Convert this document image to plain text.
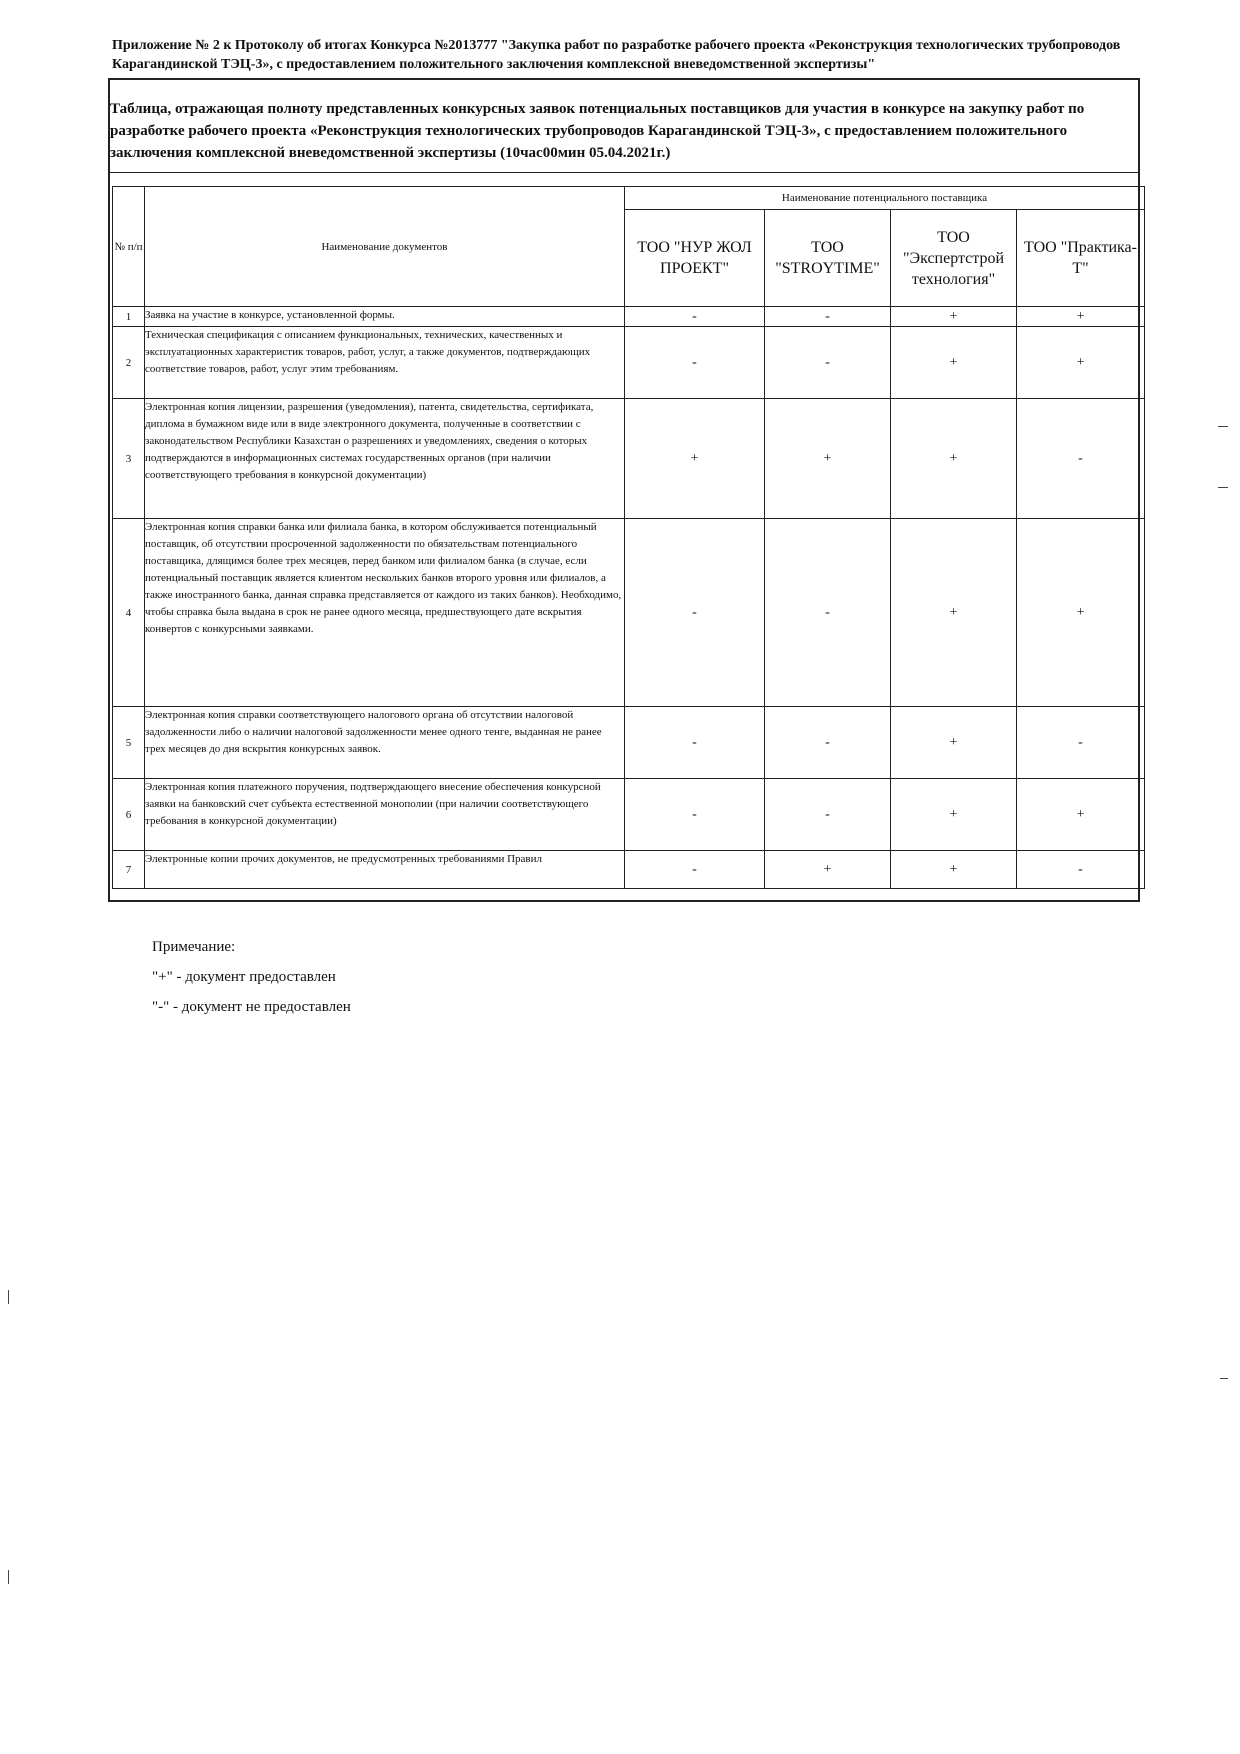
Приложение № 2 к Протоколу об итогах Конкурса №2013777 "Закупка работ по разработке рабочего проекта «Реконструкция технологических трубопроводов Карагандинской ТЭЦ-3», с предоставлением положительного заключения комплексной вневедомственной экспертизы"
Таблица, отражающая полноту представленных конкурсных заявок потенциальных поставщиков для участия в конкурсе на закупку работ по разработке рабочего проекта «Реконструкция технологических трубопроводов Карагандинской ТЭЦ-3», с предоставлением положительного заключения комплексной вневедомственной экспертизы (10час00мин 05.04.2021г.)
№ п/п	Наименование документов	Наименование потенциального поставщика			
		ТОО "НУР ЖОЛ ПРОЕКТ"	ТОО "STROYTIME"	ТОО "Экспертстрой технология"	ТОО "Практика-Т"
1	Заявка на участие в конкурсе, установленной формы.	-	-	+	+
2	Техническая спецификация с описанием функциональных, технических, качественных и эксплуатационных характеристик товаров, работ, услуг, а также документов, подтверждающих соответствие товаров, работ, услуг этим требованиям.	-	-	+	+
3	Электронная копия лицензии, разрешения (уведомления), патента, свидетельства, сертификата, диплома в бумажном виде или в виде электронного документа, полученные в соответствии с законодательством Республики Казахстан о разрешениях и уведомлениях, сведения о которых подтверждаются в информационных системах государственных органов (при наличии соответствующего требования в конкурсной документации)	+	+	+	-
4	Электронная копия справки банка или филиала банка, в котором обслуживается потенциальный поставщик, об отсутствии просроченной задолженности по обязательствам потенциального поставщика, длящимся более трех месяцев, перед банком или филиалом банка (в случае, если потенциальный поставщик является клиентом нескольких банков второго уровня или филиалов, а также иностранного банка, данная справка представляется от каждого из таких банков). Необходимо, чтобы справка была выдана в срок не ранее одного месяца, предшествующего дате вскрытия конвертов с конкурсными заявками.	-	-	+	+
5	Электронная копия справки соответствующего налогового органа об отсутствии налоговой задолженности либо о наличии налоговой задолженности менее одного тенге, выданная не ранее трех месяцев до дня вскрытия конкурсных заявок.	-	-	+	-
6	Электронная копия платежного поручения, подтверждающего внесение обеспечения конкурсной заявки на банковский счет субъекта естественной монополии (при наличии соответствующего требования в конкурсной документации)	-	-	+	+
7	Электронные копии прочих документов, не предусмотренных требованиями Правил	-	+	+	-
Примечание:
"+" - документ предоставлен
"-" - документ не предоставлен
